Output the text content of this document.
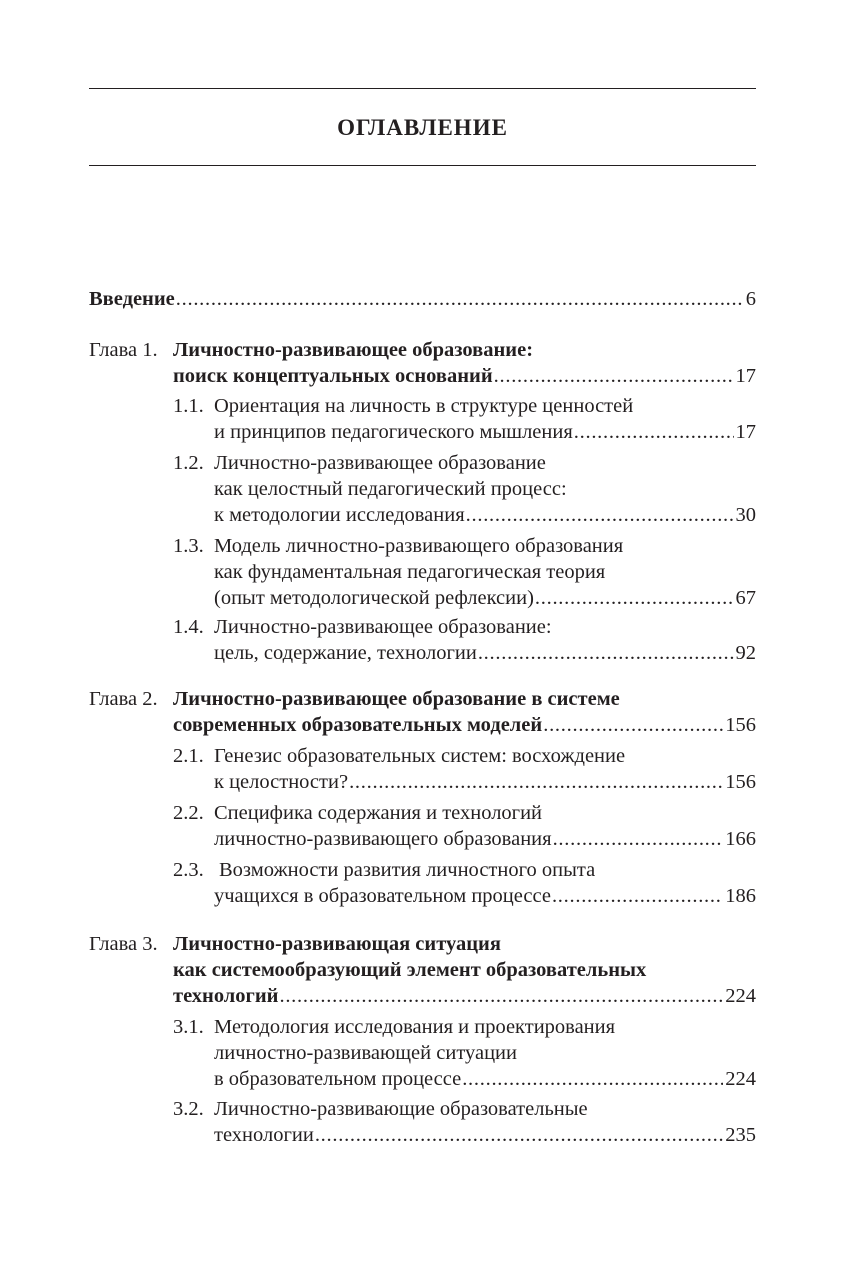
ОГЛАВЛЕНИЕ
Введение . . .	6
Глава 1. Личностно-развивающее образование:
поиск концептуальных оснований . . .	17
1.1. Ориентация на личность в структуре ценностей
и принципов педагогического мышления . . .	17
1.2. Личностно-развивающее образование
как целостный педагогический процесс:
к методологии исследования . . .	30
1.3. Модель личностно-развивающего образования
как фундаментальная педагогическая теория
(опыт методологической рефлексии) . . .	67
1.4. Личностно-развивающее образование:
цель, содержание, технологии . . .	92
Глава 2. Личностно-развивающее образование в системе
современных образовательных моделей . . .	156
2.1. Генезис образовательных систем: восхождение
к целостности? . . .	156
2.2. Специфика содержания и технологий
личностно-развивающего образования . . .	166
2.3. Возможности развития личностного опыта
учащихся в образовательном процессе . . .	186
Глава 3. Личностно-развивающая ситуация
как системообразующий элемент образовательных
технологий . . .	224
3.1. Методология исследования и проектирования
личностно-развивающей ситуации
в образовательном процессе . . .	224
3.2. Личностно-развивающие образовательные
технологии . . .	235
